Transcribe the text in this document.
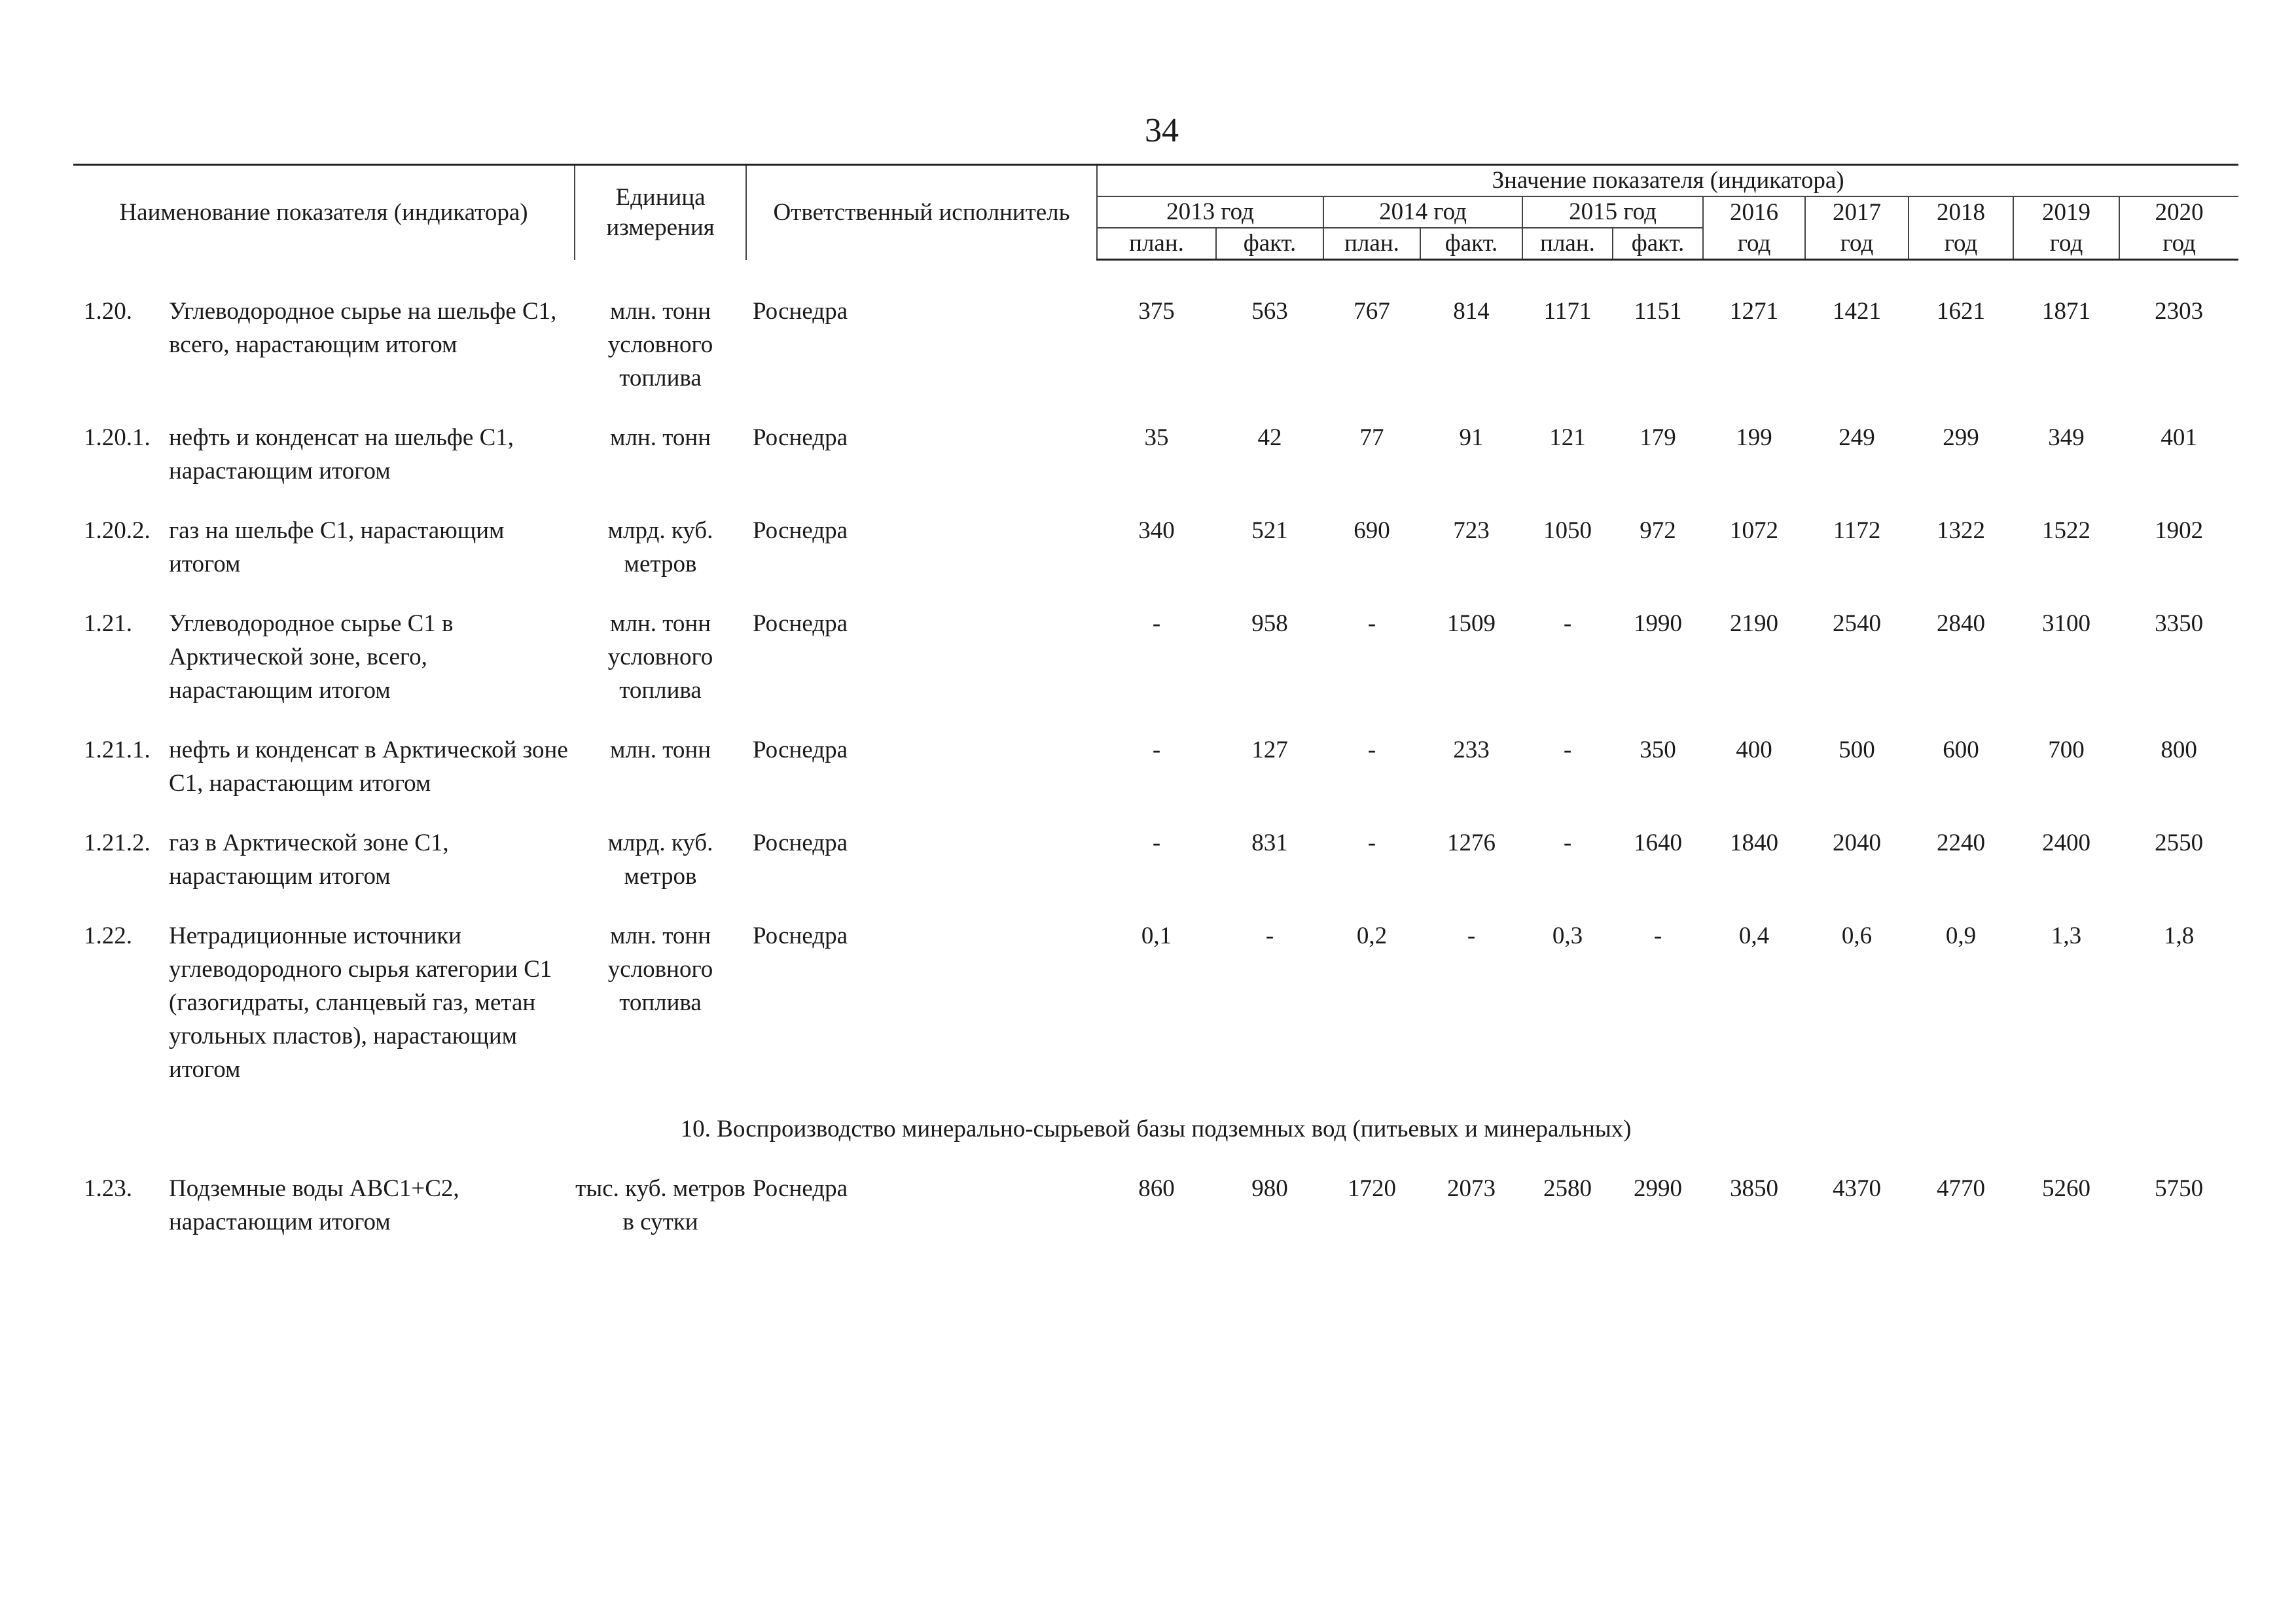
34
Наименование показателя (индикатора)		Единица измерения	Ответственный исполнитель	Значение показателя (индикатора)										
				2013 год		2014 год		2015 год		2016	2017	2018	2019	2020
				план.	факт.	план.	факт.	план.	факт.	год	год	год	год	год

1.20.	Углеводородное сырье на шельфе С1, всего, нарастающим итогом	млн. тонн условного топлива	Роснедра	375	563	767	814	1171	1151	1271	1421	1621	1871	2303

1.20.1.	нефть и конденсат на шельфе С1, нарастающим итогом	млн. тонн	Роснедра	35	42	77	91	121	179	199	249	299	349	401

1.20.2.	газ на шельфе С1, нарастающим итогом	млрд. куб. метров	Роснедра	340	521	690	723	1050	972	1072	1172	1322	1522	1902

1.21.	Углеводородное сырье С1 в Арктической зоне, всего, нарастающим итогом	млн. тонн условного топлива	Роснедра	-	958	-	1509	-	1990	2190	2540	2840	3100	3350

1.21.1.	нефть и конденсат в Арктической зоне С1, нарастающим итогом	млн. тонн	Роснедра	-	127	-	233	-	350	400	500	600	700	800

1.21.2.	газ в Арктической зоне С1, нарастающим итогом	млрд. куб. метров	Роснедра	-	831	-	1276	-	1640	1840	2040	2240	2400	2550

1.22.	Нетрадиционные источники углеводородного сырья категории С1 (газогидраты, сланцевый газ, метан угольных пластов), нарастающим итогом	млн. тонн условного топлива	Роснедра	0,1	-	0,2	-	0,3	-	0,4	0,6	0,9	1,3	1,8

10. Воспроизводство минерально-сырьевой базы подземных вод (питьевых и минеральных)														

1.23.	Подземные воды АВС1+С2, нарастающим итогом	тыс. куб. метров в сутки	Роснедра	860	980	1720	2073	2580	2990	3850	4370	4770	5260	5750
